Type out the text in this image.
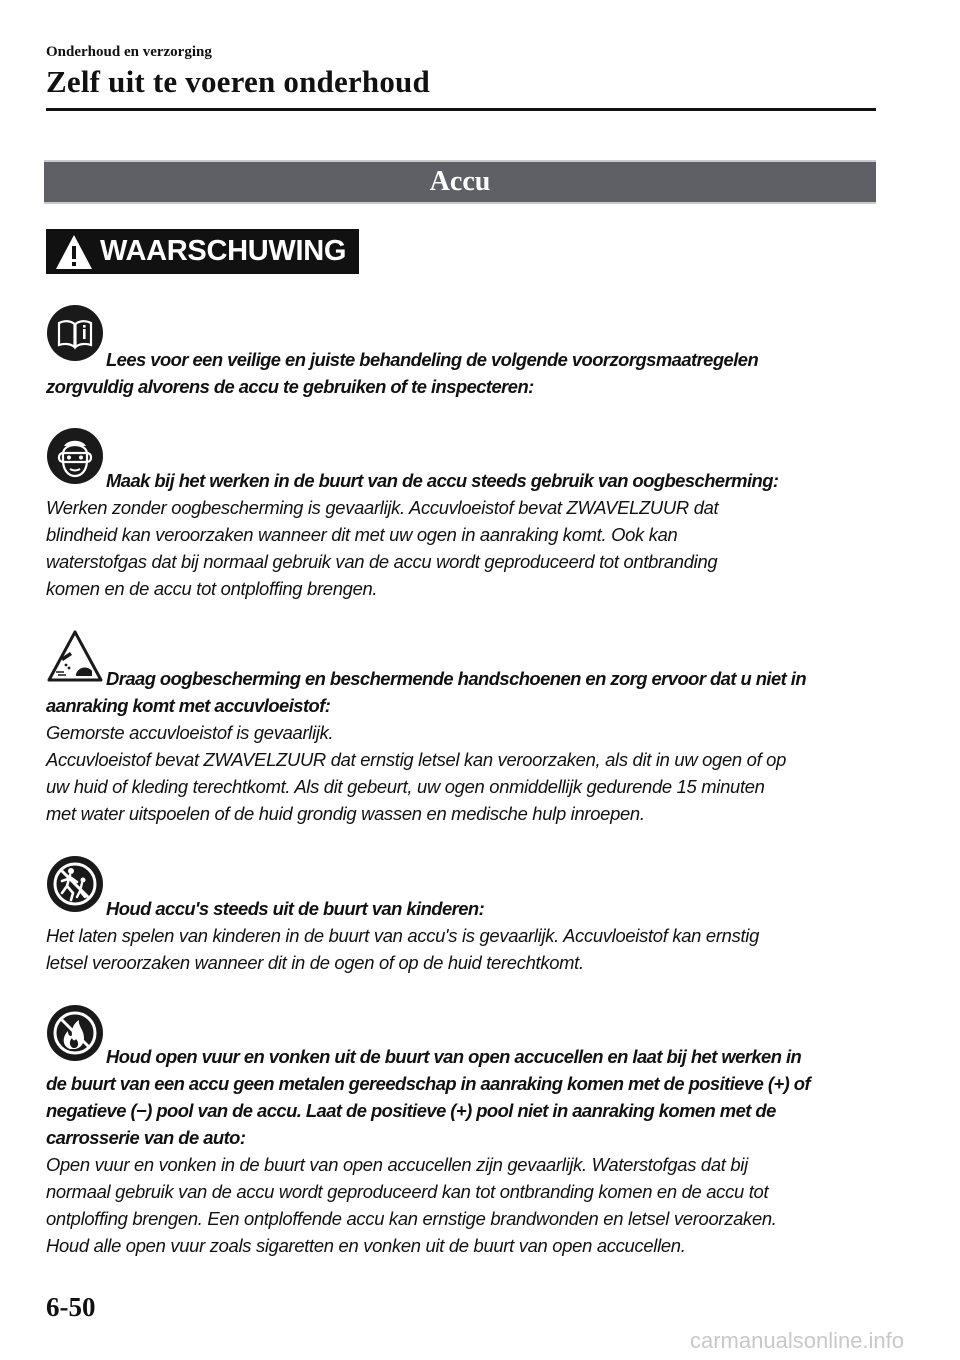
Onderhoud en verzorging
Zelf uit te voeren onderhoud
Accu
WAARSCHUWING
Lees voor een veilige en juiste behandeling de volgende voorzorgsmaatregelen
zorgvuldig alvorens de accu te gebruiken of te inspecteren:
Maak bij het werken in de buurt van de accu steeds gebruik van oogbescherming:
Werken zonder oogbescherming is gevaarlijk. Accuvloeistof bevat ZWAVELZUUR dat
blindheid kan veroorzaken wanneer dit met uw ogen in aanraking komt. Ook kan
waterstofgas dat bij normaal gebruik van de accu wordt geproduceerd tot ontbranding
komen en de accu tot ontploffing brengen.
Draag oogbescherming en beschermende handschoenen en zorg ervoor dat u niet in
aanraking komt met accuvloeistof:
Gemorste accuvloeistof is gevaarlijk.
Accuvloeistof bevat ZWAVELZUUR dat ernstig letsel kan veroorzaken, als dit in uw ogen of op
uw huid of kleding terechtkomt. Als dit gebeurt, uw ogen onmiddellijk gedurende 15 minuten
met water uitspoelen of de huid grondig wassen en medische hulp inroepen.
Houd accu's steeds uit de buurt van kinderen:
Het laten spelen van kinderen in de buurt van accu's is gevaarlijk. Accuvloeistof kan ernstig
letsel veroorzaken wanneer dit in de ogen of op de huid terechtkomt.
Houd open vuur en vonken uit de buurt van open accucellen en laat bij het werken in
de buurt van een accu geen metalen gereedschap in aanraking komen met de positieve (+) of
negatieve (−) pool van de accu. Laat de positieve (+) pool niet in aanraking komen met de
carrosserie van de auto:
Open vuur en vonken in de buurt van open accucellen zijn gevaarlijk. Waterstofgas dat bij
normaal gebruik van de accu wordt geproduceerd kan tot ontbranding komen en de accu tot
ontploffing brengen. Een ontploffende accu kan ernstige brandwonden en letsel veroorzaken.
Houd alle open vuur zoals sigaretten en vonken uit de buurt van open accucellen.
6-50
carmanualsonline.info
